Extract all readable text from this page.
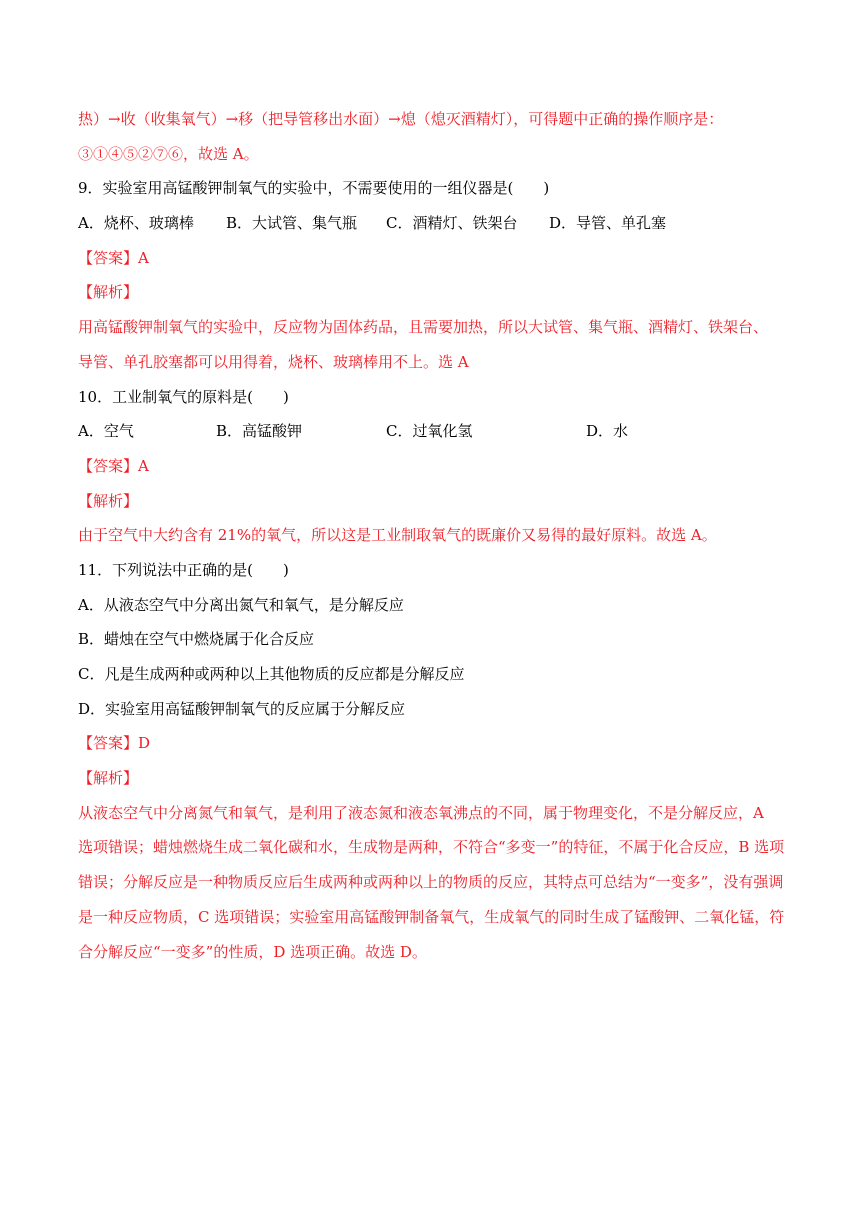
热）→收（收集氧气）→移（把导管移出水面）→熄（熄灭酒精灯），可得题中正确的操作顺序是：
③①④⑤②⑦⑥，故选 A。
9．实验室用高锰酸钾制氧气的实验中，不需要使用的一组仪器是(　　)
A．烧杯、玻璃棒	B．大试管、集气瓶	C．酒精灯、铁架台	D．导管、单孔塞
【答案】A
【解析】
用高锰酸钾制氧气的实验中，反应物为固体药品，且需要加热，所以大试管、集气瓶、酒精灯、铁架台、
导管、单孔胶塞都可以用得着，烧杯、玻璃棒用不上。选 A
10．工业制氧气的原料是(　　)
A．空气	B．高锰酸钾	C．过氧化氢	D．水
【答案】A
【解析】
由于空气中大约含有 21%的氧气，所以这是工业制取氧气的既廉价又易得的最好原料。故选 A。
11．下列说法中正确的是(　　)
A．从液态空气中分离出氮气和氧气，是分解反应
B．蜡烛在空气中燃烧属于化合反应
C．凡是生成两种或两种以上其他物质的反应都是分解反应
D．实验室用高锰酸钾制氧气的反应属于分解反应
【答案】D
【解析】
从液态空气中分离氮气和氧气，是利用了液态氮和液态氧沸点的不同，属于物理变化，不是分解反应，A
选项错误；蜡烛燃烧生成二氧化碳和水，生成物是两种，不符合“多变一”的特征，不属于化合反应，B 选项
错误；分解反应是一种物质反应后生成两种或两种以上的物质的反应，其特点可总结为“一变多”，没有强调
是一种反应物质，C 选项错误；实验室用高锰酸钾制备氧气，生成氧气的同时生成了锰酸钾、二氧化锰，符
合分解反应“一变多”的性质，D 选项正确。故选 D。
